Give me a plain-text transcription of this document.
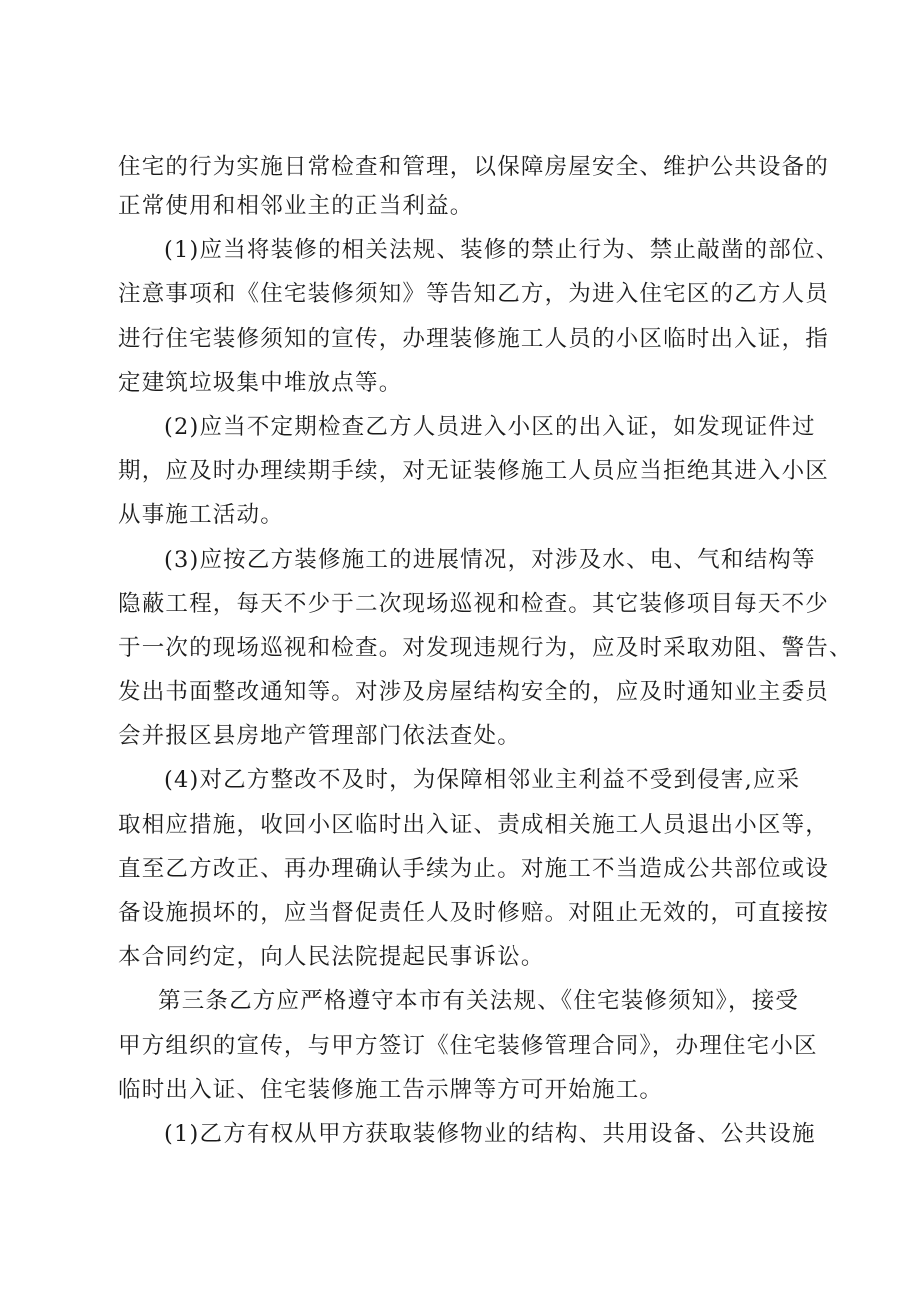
住宅的行为实施日常检查和管理，以保障房屋安全、维护公共设备的
正常使用和相邻业主的正当利益。
(1)应当将装修的相关法规、装修的禁止行为、禁止敲凿的部位、
注意事项和《住宅装修须知》等告知乙方，为进入住宅区的乙方人员
进行住宅装修须知的宣传，办理装修施工人员的小区临时出入证，指
定建筑垃圾集中堆放点等。
(2)应当不定期检查乙方人员进入小区的出入证，如发现证件过
期，应及时办理续期手续，对无证装修施工人员应当拒绝其进入小区
从事施工活动。
(3)应按乙方装修施工的进展情况，对涉及水、电、气和结构等
隐蔽工程，每天不少于二次现场巡视和检查。其它装修项目每天不少
于一次的现场巡视和检查。对发现违规行为，应及时采取劝阻、警告、
发出书面整改通知等。对涉及房屋结构安全的，应及时通知业主委员
会并报区县房地产管理部门依法查处。
(4)对乙方整改不及时，为保障相邻业主利益不受到侵害,应采
取相应措施，收回小区临时出入证、责成相关施工人员退出小区等，
直至乙方改正、再办理确认手续为止。对施工不当造成公共部位或设
备设施损坏的，应当督促责任人及时修赔。对阻止无效的，可直接按
本合同约定，向人民法院提起民事诉讼。
第三条乙方应严格遵守本市有关法规、《住宅装修须知》，接受
甲方组织的宣传，与甲方签订《住宅装修管理合同》，办理住宅小区
临时出入证、住宅装修施工告示牌等方可开始施工。
(1)乙方有权从甲方获取装修物业的结构、共用设备、公共设施
